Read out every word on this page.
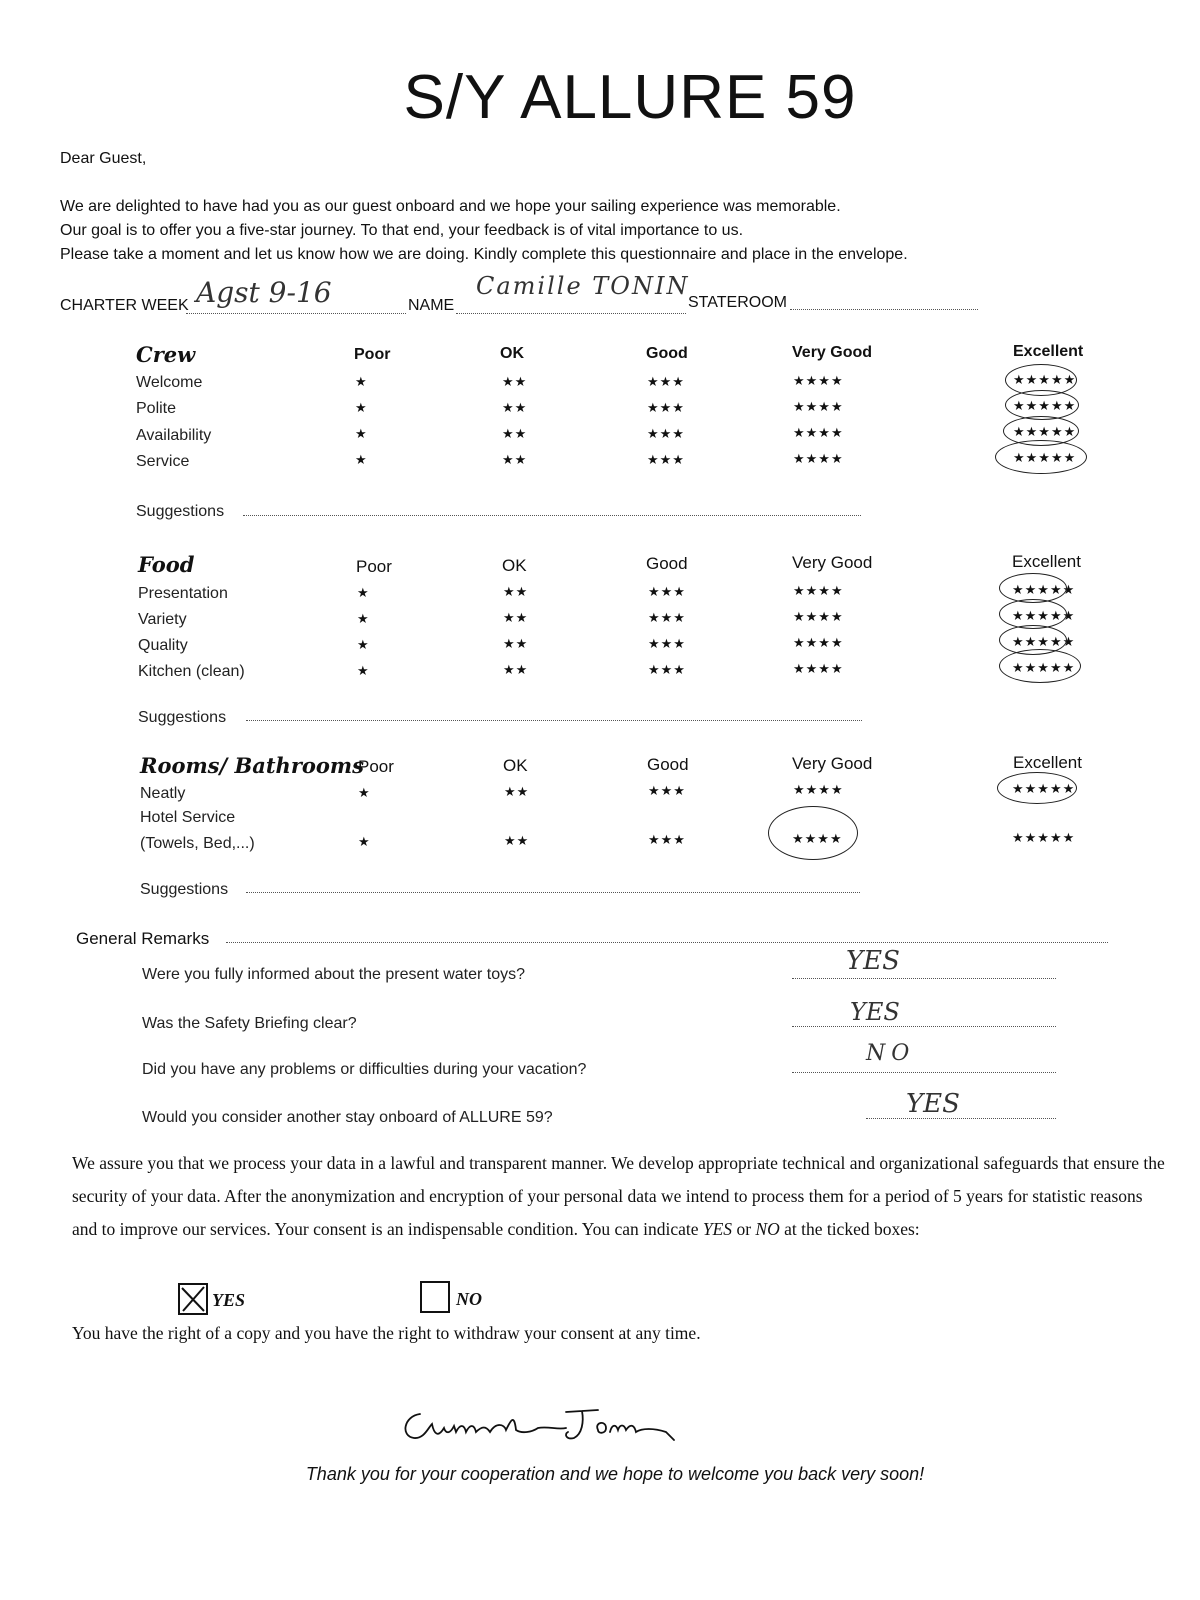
S/Y ALLURE 59
Dear Guest,
We are delighted to have had you as our guest onboard and we hope your sailing experience was memorable.
Our goal is to offer you a five-star journey. To that end, your feedback is of vital importance to us.
Please take a moment and let us know how we are doing. Kindly complete this questionnaire and place in the envelope.
CHARTER WEEK Agst 9-16	NAME
Camille TONIN
STATEROOM
Crew	Poor	OK	Good	Very Good	Excellent
Welcome	★	★★	★★★	★★★★	★★★★★
Polite	★	★★	★★★	★★★★	★★★★★
Availability	★	★★	★★★	★★★★	★★★★★
Service	★	★★	★★★	★★★★	★★★★★
Suggestions
Food	Poor	OK	Good	Very Good	Excellent
Presentation	★	★★	★★★	★★★★	★★★★★
Variety	★	★★	★★★	★★★★	★★★★★
Quality	★	★★	★★★	★★★★	★★★★★
Kitchen (clean)	★	★★	★★★	★★★★	★★★★★
Suggestions
Rooms/ Bathrooms
Poor	OK	Good	Very Good	Excellent
Neatly	★	★★	★★★	★★★★	★★★★★
Hotel Service
(Towels, Bed,...)	★	★★	★★★	★★★★	★★★★★
Suggestions
General Remarks
Were you fully informed about the present water toys?	YES
Was the Safety Briefing clear?	YES
Did you have any problems or difficulties during your vacation?
NO
Would you consider another stay onboard of ALLURE 59?	YES
We assure you that we process your data in a lawful and transparent manner. We develop appropriate technical and organizational safeguards that ensure the security of your data. After the anonymization and encryption of your personal data we intend to process them for a period of 5 years for statistic reasons and to improve our services. Your consent is an indispensable condition. You can indicate YES or NO at the ticked boxes:
YES	NO
You have the right of a copy and you have the right to withdraw your consent at any time.
Thank you for your cooperation and we hope to welcome you back very soon!
